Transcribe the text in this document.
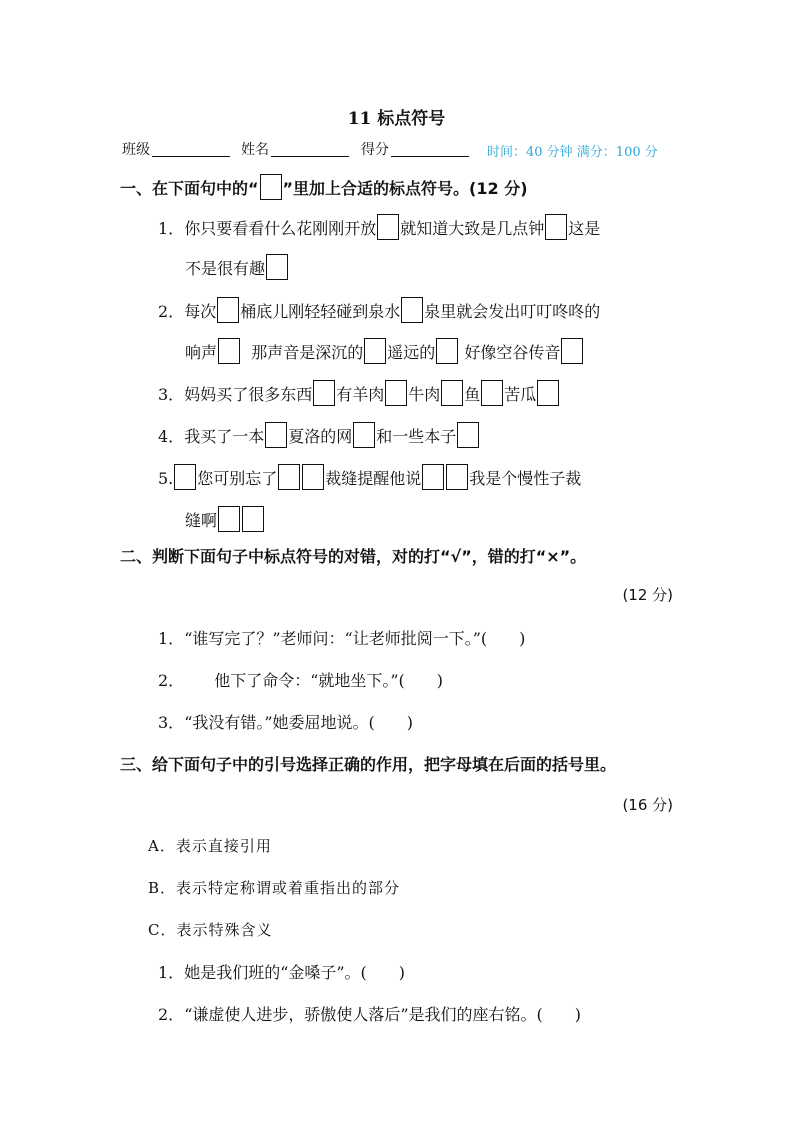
11 标点符号
班级	姓名	得分	时间：40 分钟 满分：100 分
一、在下面句中的“ ”里加上合适的标点符号。(12 分)
1．你只要看看什么花刚刚开放 就知道大致是几点钟 这是
不是很有趣
2．每次 桶底儿刚轻轻碰到泉水 泉里就会发出叮叮咚咚的
响声 那声音是深沉的 遥远的 好像空谷传音
3．妈妈买了很多东西 有羊肉 牛肉 鱼 苦瓜
4．我买了一本 夏洛的网 和一些本子
5. 您可别忘了	裁缝提醒他说	我是个慢性子裁
缝啊
二、判断下面句子中标点符号的对错，对的打“√”，错的打“×”。
(12 分)
1．“谁写完了？”老师问：“让老师批阅一下。”(　　)
2． 他下了命令：“就地坐下。”(　　)
3．“我没有错。”她委屈地说。(　　)
三、给下面句子中的引号选择正确的作用，把字母填在后面的括号里。
(16 分)
A．表示直接引用
B．表示特定称谓或着重指出的部分
C．表示特殊含义
1．她是我们班的“金嗓子”。(　　)
2．“谦虚使人进步，骄傲使人落后”是我们的座右铭。(　　)
